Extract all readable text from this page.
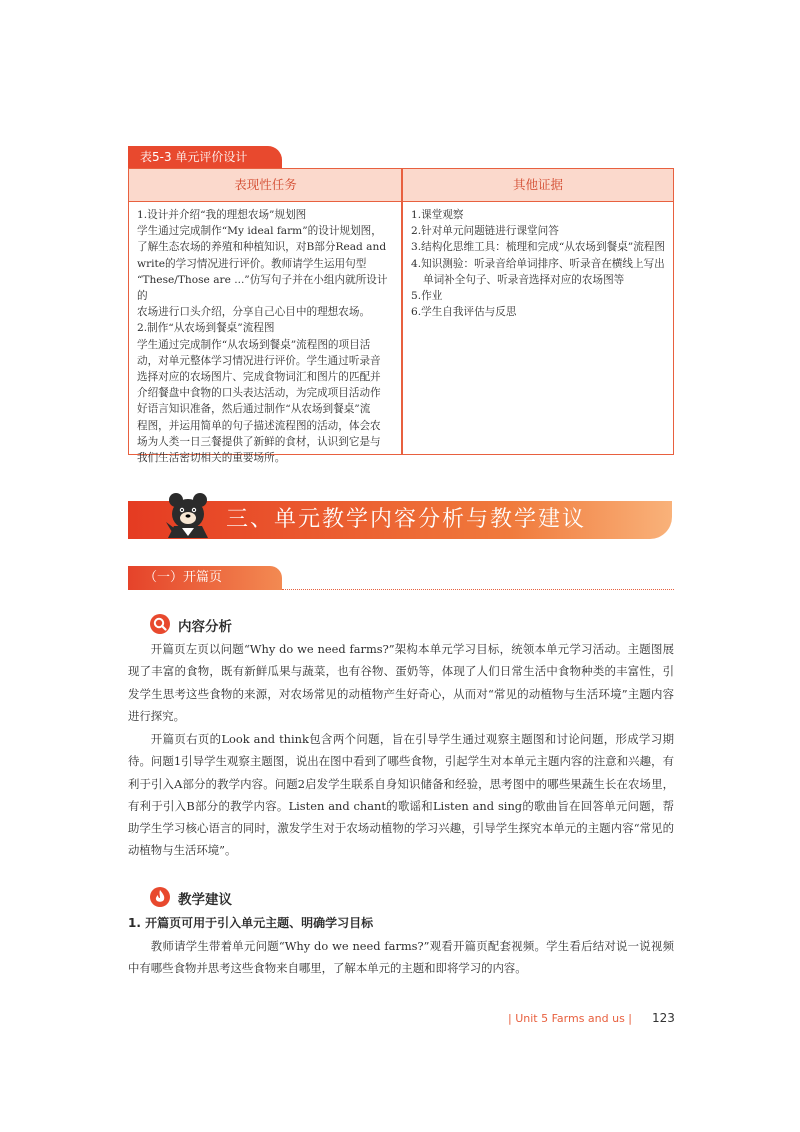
表5-3 单元评价设计
表现性任务	其他证据

1.设计并介绍“我的理想农场”规划图

学生通过完成制作“My ideal farm”的设计规划图，

了解生态农场的养殖和种植知识，对B部分Read and

write的学习情况进行评价。教师请学生运用句型

“These/Those are ...”仿写句子并在小组内就所设计的

农场进行口头介绍，分享自己心目中的理想农场。

2.制作“从农场到餐桌”流程图

学生通过完成制作“从农场到餐桌”流程图的项目活

动，对单元整体学习情况进行评价。学生通过听录音

选择对应的农场图片、完成食物词汇和图片的匹配并

介绍餐盘中食物的口头表达活动，为完成项目活动作

好语言知识准备，然后通过制作“从农场到餐桌”流

程图，并运用简单的句子描述流程图的活动，体会农

场为人类一日三餐提供了新鲜的食材，认识到它是与

我们生活密切相关的重要场所。

1.课堂观察

2.针对单元问题链进行课堂问答

3.结构化思维工具：梳理和完成“从农场到餐桌”流程图

4.知识测验：听录音给单词排序、听录音在横线上写出单词补全句子、听录音选择对应的农场图等

5.作业

6.学生自我评估与反思

三、单元教学内容分析与教学建议
（一）开篇页
内容分析

开篇页左页以问题“Why do we need farms?”架构本单元学习目标，统领本单元学习活动。主题图展现了丰富的食物，既有新鲜瓜果与蔬菜，也有谷物、蛋奶等，体现了人们日常生活中食物种类的丰富性，引发学生思考这些食物的来源，对农场常见的动植物产生好奇心，从而对“常见的动植物与生活环境”主题内容进行探究。

开篇页右页的Look and think包含两个问题，旨在引导学生通过观察主题图和讨论问题，形成学习期待。问题1引导学生观察主题图，说出在图中看到了哪些食物，引起学生对本单元主题内容的注意和兴趣，有利于引入A部分的教学内容。问题2启发学生联系自身知识储备和经验，思考图中的哪些果蔬生长在农场里，有利于引入B部分的教学内容。Listen and chant的歌谣和Listen and sing的歌曲旨在回答单元问题，帮助学生学习核心语言的同时，激发学生对于农场动植物的学习兴趣，引导学生探究本单元的主题内容“常见的动植物与生活环境”。

教学建议
1. 开篇页可用于引入单元主题、明确学习目标

教师请学生带着单元问题“Why do we need farms?”观看开篇页配套视频。学生看后结对说一说视频中有哪些食物并思考这些食物来自哪里，了解本单元的主题和即将学习的内容。

| Unit 5 Farms and us | 123
